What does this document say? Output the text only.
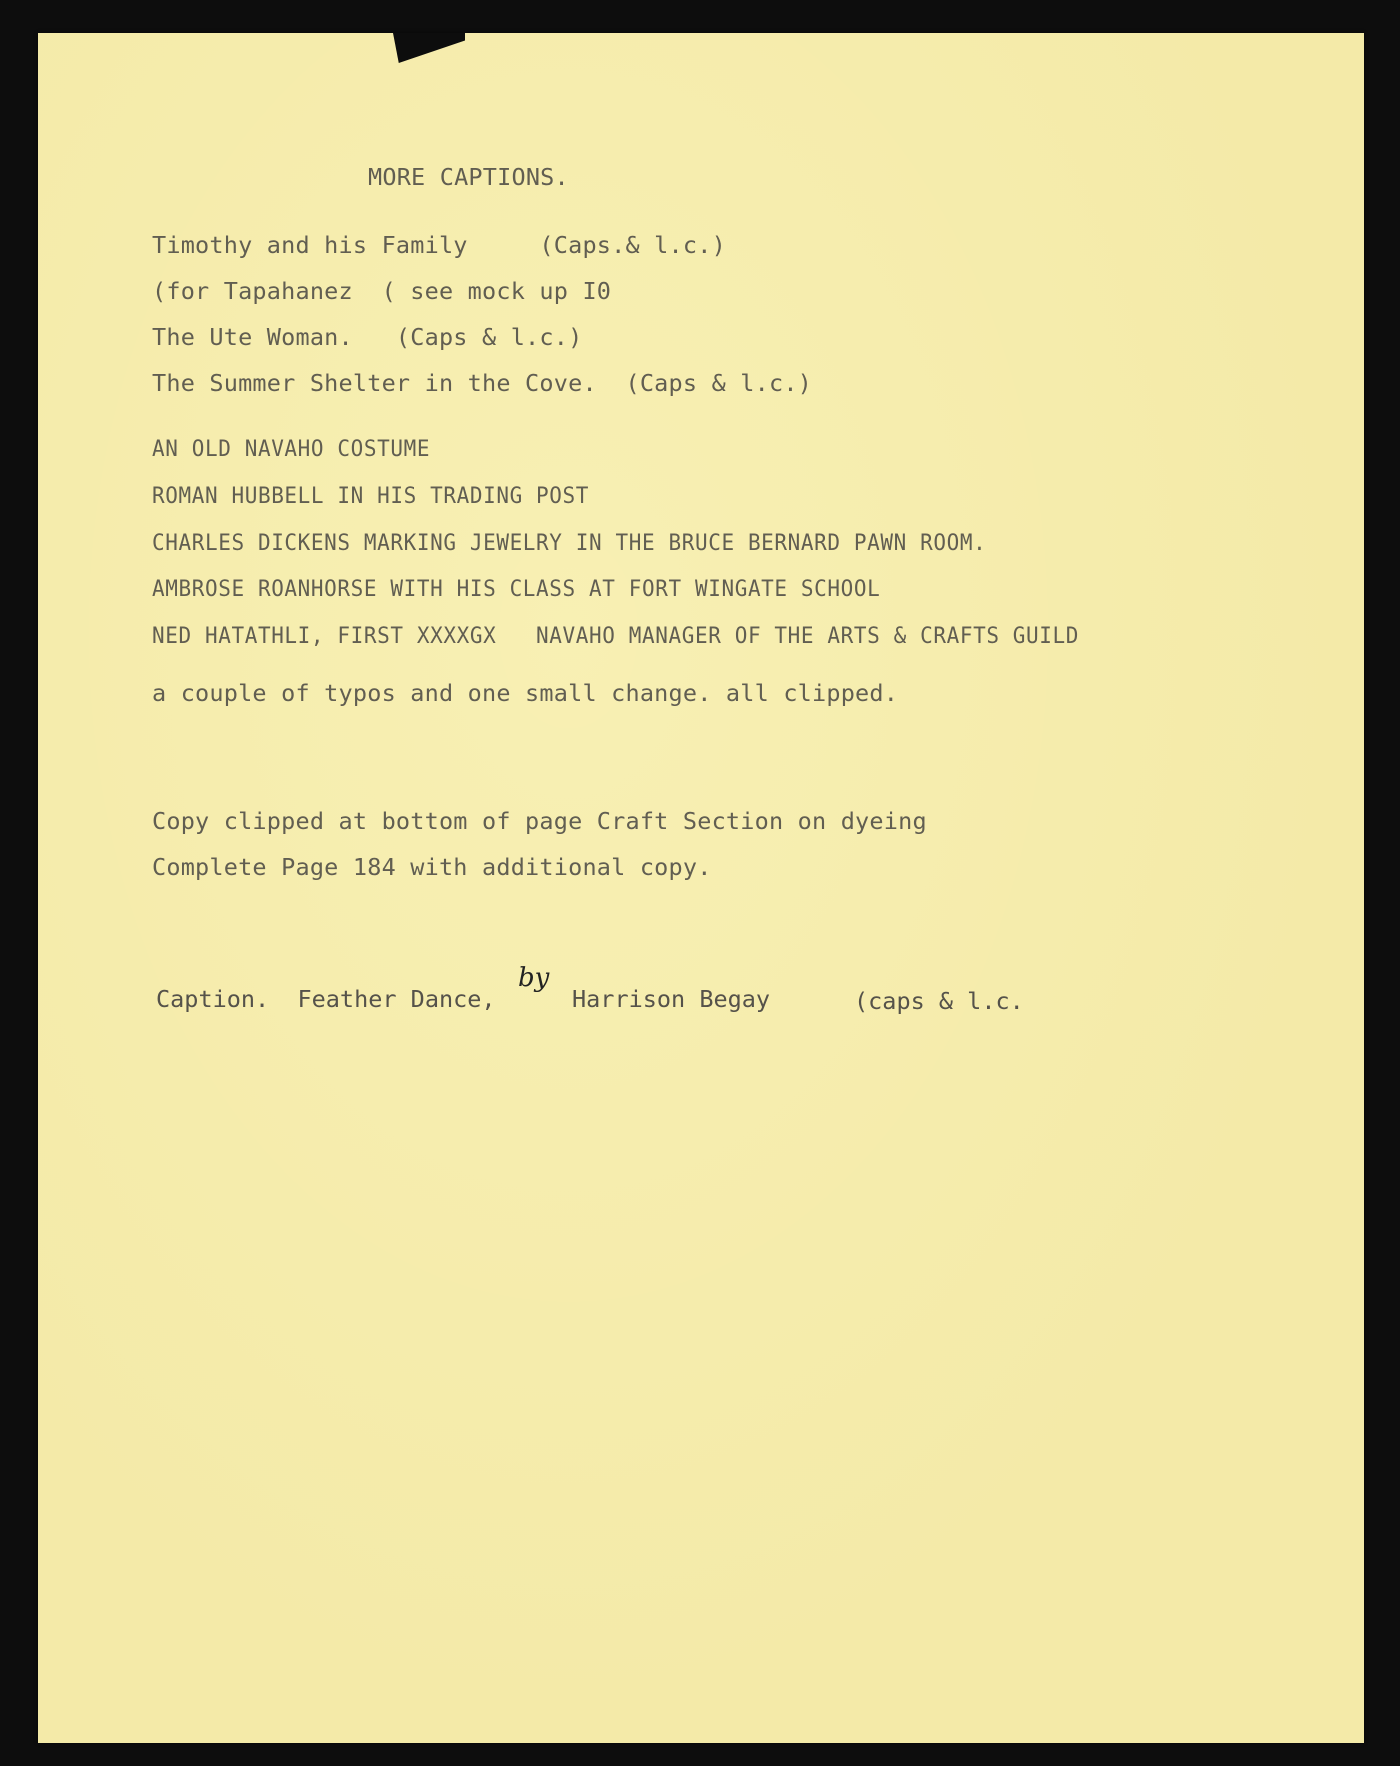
MORE CAPTIONS.
Timothy and his Family     (Caps.& l.c.)
(for Tapahanez  ( see mock up I0
The Ute Woman.   (Caps & l.c.)
The Summer Shelter in the Cove.  (Caps & l.c.)
AN OLD NAVAHO COSTUME
ROMAN HUBBELL IN HIS TRADING POST
CHARLES DICKENS MARKING JEWELRY IN THE BRUCE BERNARD PAWN ROOM.
AMBROSE ROANHORSE WITH HIS CLASS AT FORT WINGATE SCHOOL
NED HATATHLI, FIRST XXXXGX   NAVAHO MANAGER OF THE ARTS & CRAFTS GUILD
a couple of typos and one small change. all clipped.
Copy clipped at bottom of page Craft Section on dyeing
Complete Page 184 with additional copy.

Caption.  Feather Dance,

by

Harrison Begay
	(caps & l.c.
